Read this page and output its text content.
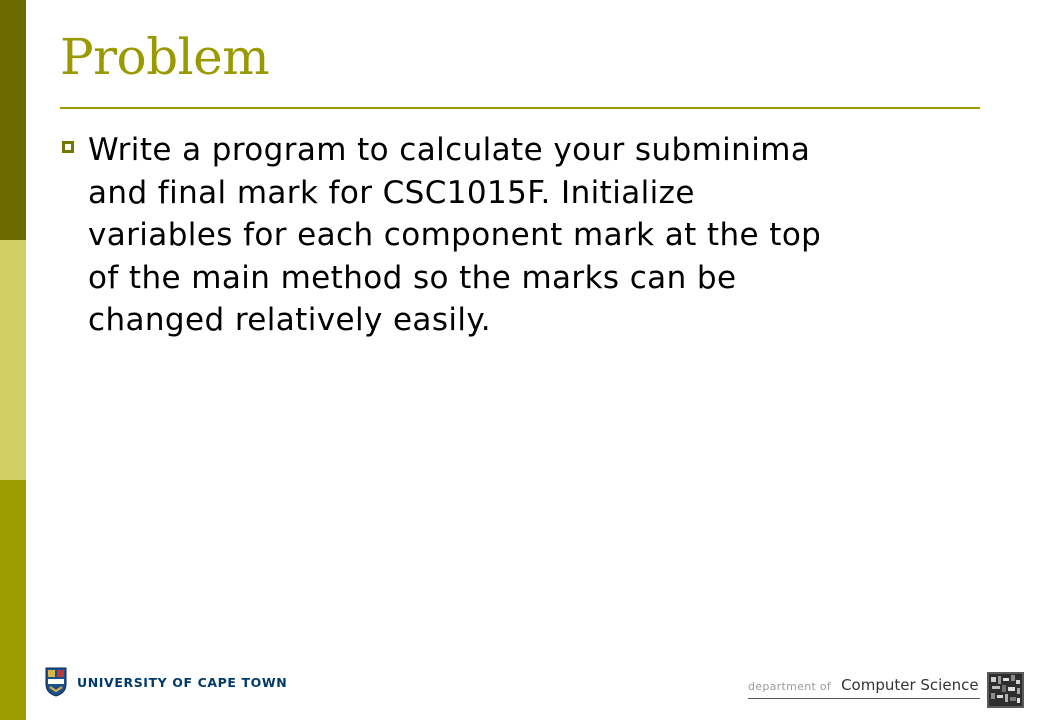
Problem
Write a program to calculate your subminima
and final mark for CSC1015F. Initialize
variables for each component mark at the top
of the main method so the marks can be
changed relatively easily.
UNIVERSITY OF CAPE TOWN	department of Computer Science
